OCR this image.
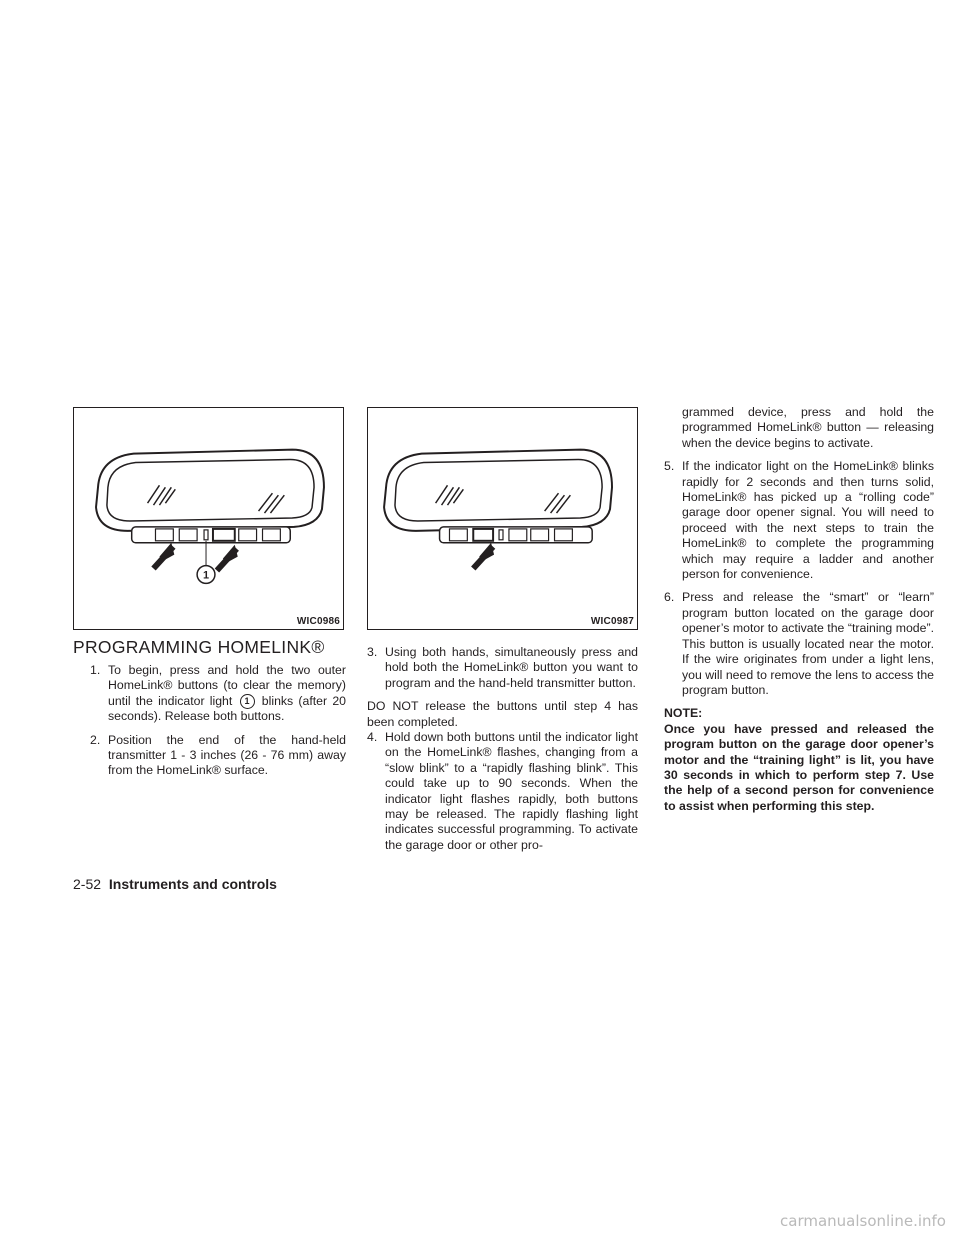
1
WIC0986	WIC0987
PROGRAMMING HOMELINK®
1. To begin, press and hold the two outer HomeLink® buttons (to clear the memory) until the indicator light 1 blinks (after 20 seconds). Release both buttons.
2. Position the end of the hand-held transmitter 1 - 3 inches (26 - 76 mm) away from the HomeLink® surface.
3. Using both hands, simultaneously press and hold both the HomeLink® button you want to program and the hand-held transmitter button.

DO NOT release the buttons until step 4 has been completed.

4. Hold down both buttons until the indicator light on the HomeLink® flashes, changing from a “slow blink” to a “rapidly flashing blink”. This could take up to 90 seconds. When the indicator light flashes rapidly, both buttons may be released. The rapidly flashing light indicates successful programming. To activate the garage door or other pro-

grammed device, press and hold the programmed HomeLink® button — releasing when the device begins to activate.

5. If the indicator light on the HomeLink® blinks rapidly for 2 seconds and then turns solid, HomeLink® has picked up a “rolling code” garage door opener signal. You will need to proceed with the next steps to train the HomeLink® to complete the programming which may require a ladder and another person for convenience.
6. Press and release the “smart” or “learn” program button located on the garage door opener’s motor to activate the “training mode”. This button is usually located near the motor. If the wire originates from under a light lens, you will need to remove the lens to access the program button.

NOTE:

Once you have pressed and released the program button on the garage door opener’s motor and the “training light” is lit, you have 30 seconds in which to perform step 7. Use the help of a second person for convenience to assist when performing this step.

2-52 Instruments and controls
carmanualsonline.info
